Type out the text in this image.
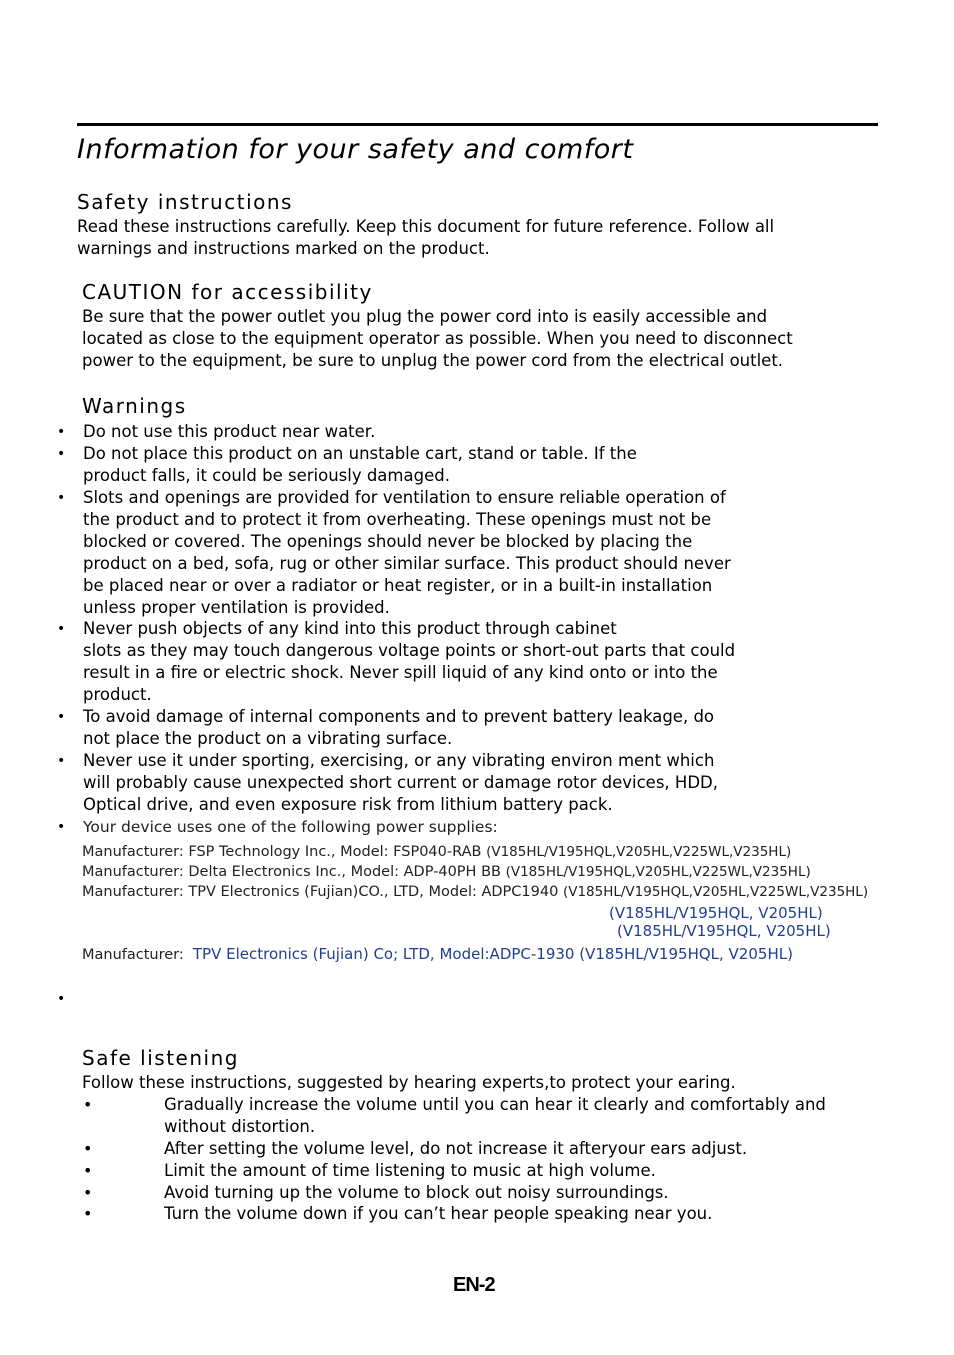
Information for your safety and comfort
Safety instructions
Read these instructions carefully. Keep this document for future reference. Follow all
warnings and instructions marked on the product.
CAUTION for accessibility
Be sure that the power outlet you plug the power cord into is easily accessible and
located as close to the equipment operator as possible. When you need to disconnect
power to the equipment, be sure to unplug the power cord from the electrical outlet.
Warnings
• Do not use this product near water.
• Do not place this product on an unstable cart, stand or table. If the
product falls, it could be seriously damaged.
• Slots and openings are provided for ventilation to ensure reliable operation of
the product and to protect it from overheating. These openings must not be
blocked or covered. The openings should never be blocked by placing the
product on a bed, sofa, rug or other similar surface. This product should never
be placed near or over a radiator or heat register, or in a built-in installation
unless proper ventilation is provided.
• Never push objects of any kind into this product through cabinet
slots as they may touch dangerous voltage points or short-out parts that could
result in a fire or electric shock. Never spill liquid of any kind onto or into the
product.
• To avoid damage of internal components and to prevent battery leakage, do
not place the product on a vibrating surface.
• Never use it under sporting, exercising, or any vibrating environ ment which
will probably cause unexpected short current or damage rotor devices, HDD,
Optical drive, and even exposure risk from lithium battery pack.
• Your device uses one of the following power supplies:
Manufacturer: FSP Technology Inc., Model: FSP040-RAB (V185HL/V195HQL,V205HL,V225WL,V235HL)
Manufacturer: Delta Electronics Inc., Model: ADP-40PH BB (V185HL/V195HQL,V205HL,V225WL,V235HL)
Manufacturer: TPV Electronics (Fujian)CO., LTD, Model: ADPC1940 (V185HL/V195HQL,V205HL,V225WL,V235HL)
(V185HL/V195HQL, V205HL)
(V185HL/V195HQL, V205HL)
Manufacturer: TPV Electronics (Fujian) Co; LTD, Model:ADPC-1930 (V185HL/V195HQL, V205HL)
•
Safe listening
Follow these instructions, suggested by hearing experts,to protect your earing.
•	Gradually increase the volume until you can hear it clearly and comfortably and
without distortion.
•	After setting the volume level, do not increase it afteryour ears adjust.
•	Limit the amount of time listening to music at high volume.
•	Avoid turning up the volume to block out noisy surroundings.
•	Turn the volume down if you can’t hear people speaking near you.
EN-2
